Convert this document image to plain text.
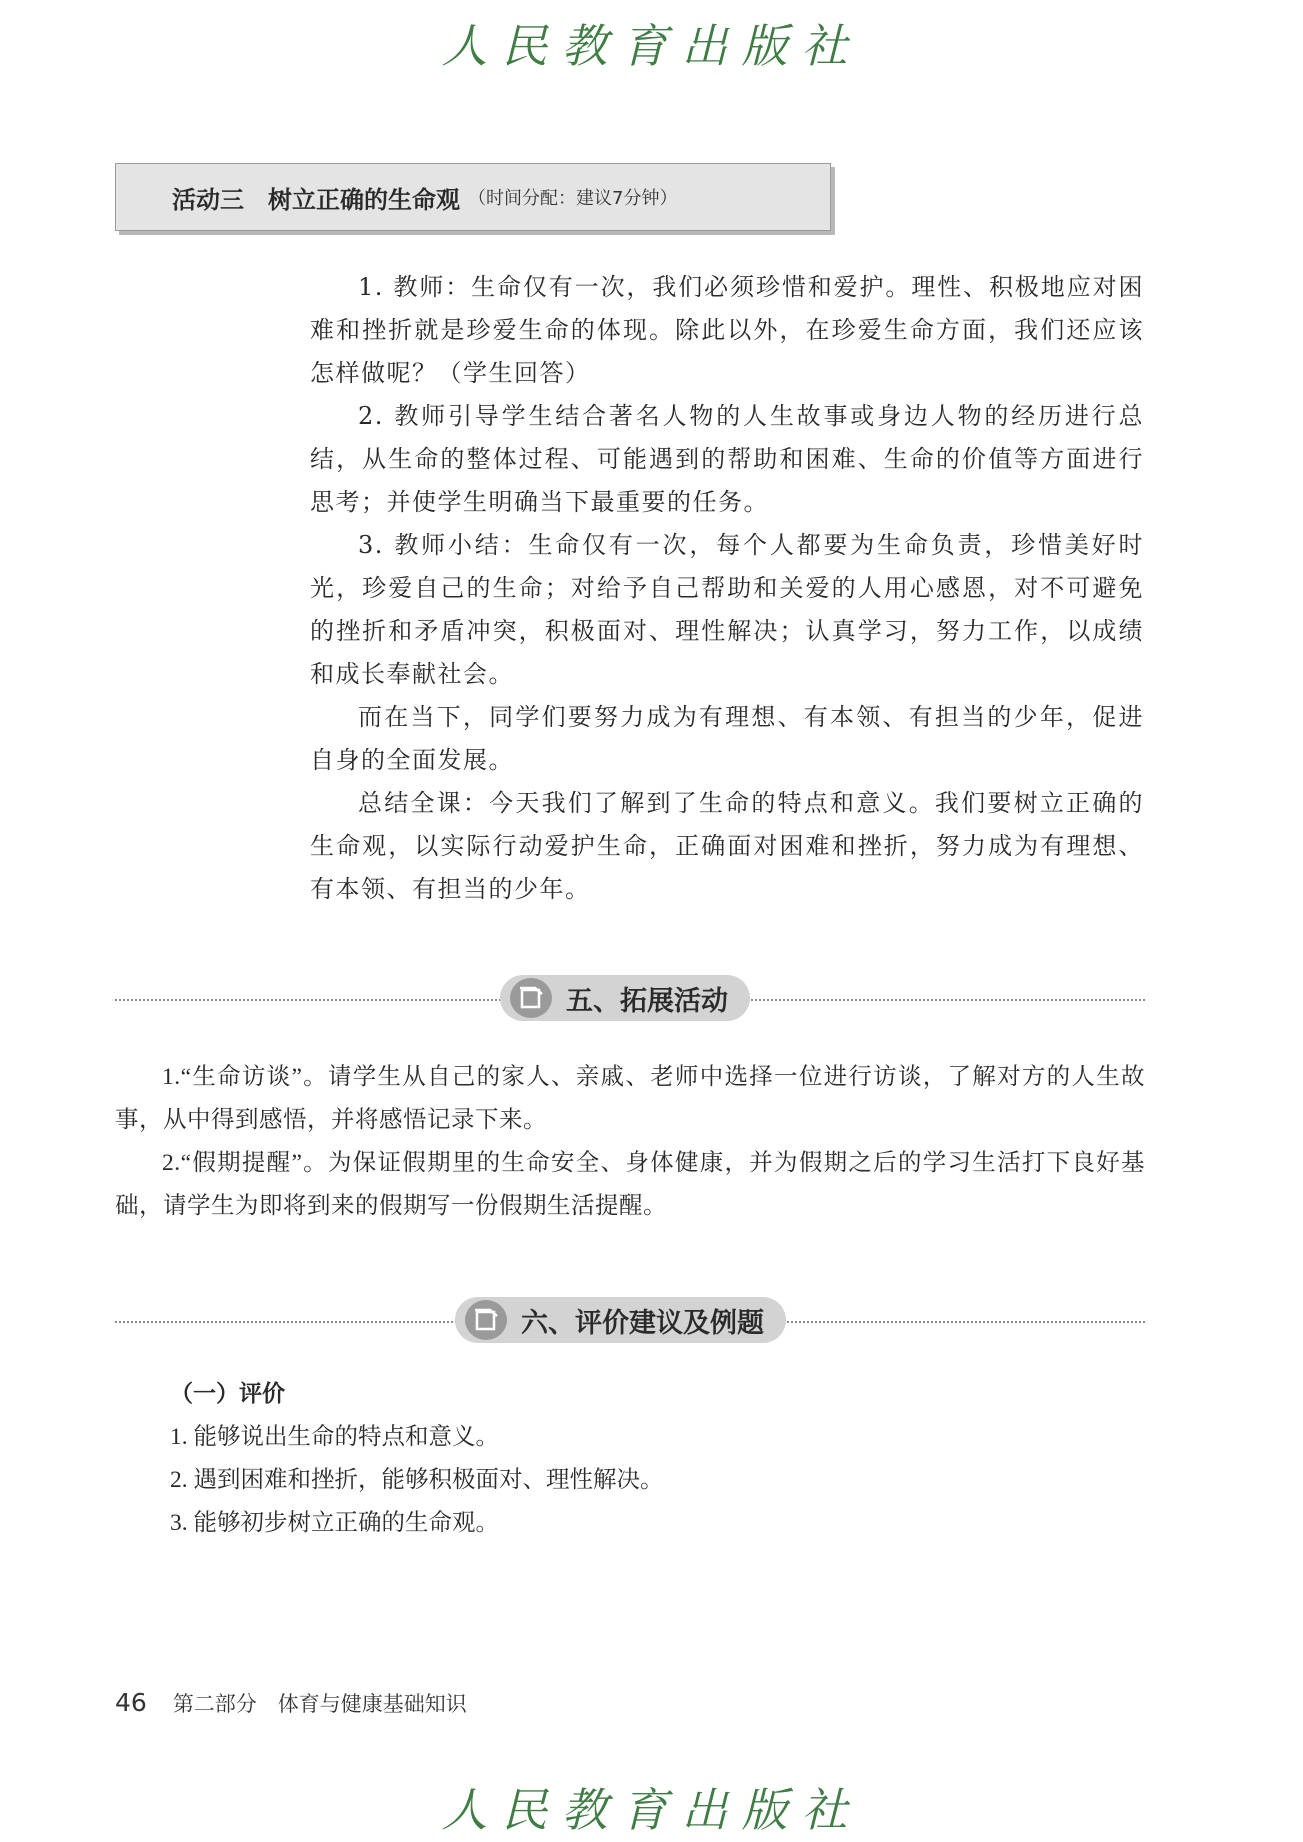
人民教育出版社
活动三　树立正确的生命观 （时间分配：建议7分钟）

1. 教师：生命仅有一次，我们必须珍惜和爱护。理性、积极地应对困难和挫折就是珍爱生命的体现。除此以外，在珍爱生命方面，我们还应该怎样做呢？（学生回答）

2. 教师引导学生结合著名人物的人生故事或身边人物的经历进行总结，从生命的整体过程、可能遇到的帮助和困难、生命的价值等方面进行思考；并使学生明确当下最重要的任务。

3. 教师小结：生命仅有一次，每个人都要为生命负责，珍惜美好时光，珍爱自己的生命；对给予自己帮助和关爱的人用心感恩，对不可避免的挫折和矛盾冲突，积极面对、理性解决；认真学习，努力工作，以成绩和成长奉献社会。

而在当下，同学们要努力成为有理想、有本领、有担当的少年，促进自身的全面发展。

总结全课：今天我们了解到了生命的特点和意义。我们要树立正确的生命观，以实际行动爱护生命，正确面对困难和挫折，努力成为有理想、有本领、有担当的少年。

五、拓展活动

1.“生命访谈”。请学生从自己的家人、亲戚、老师中选择一位进行访谈，了解对方的人生故事，从中得到感悟，并将感悟记录下来。

2.“假期提醒”。为保证假期里的生命安全、身体健康，并为假期之后的学习生活打下良好基础，请学生为即将到来的假期写一份假期生活提醒。

六、评价建议及例题

（一）评价

1. 能够说出生命的特点和意义。

2. 遇到困难和挫折，能够积极面对、理性解决。

3. 能够初步树立正确的生命观。

46 第二部分　体育与健康基础知识
人民教育出版社
